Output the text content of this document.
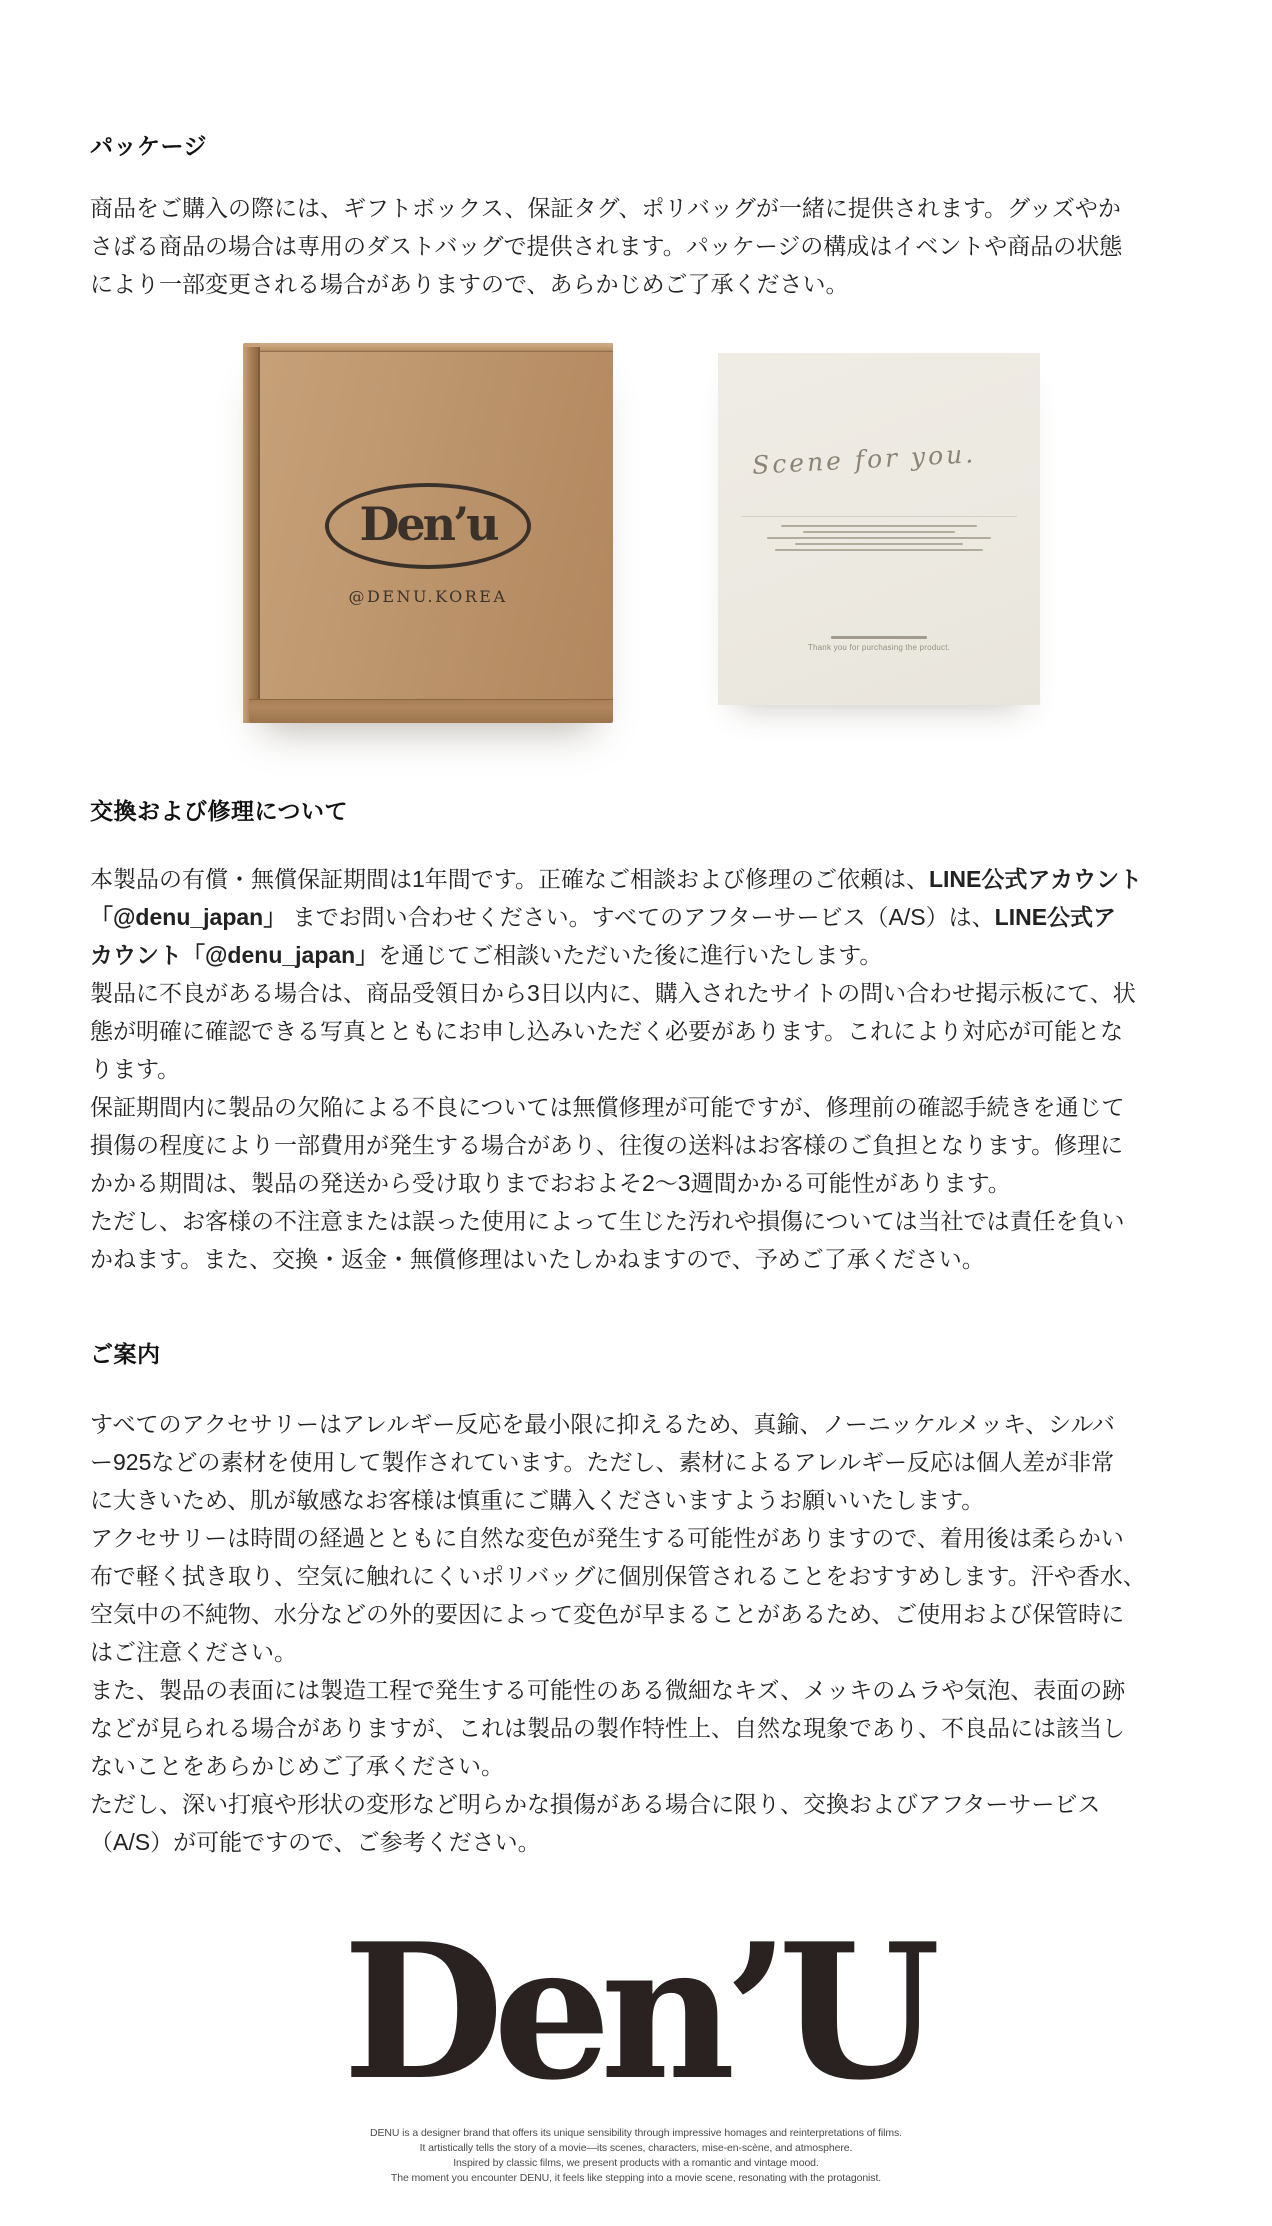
パッケージ
商品をご購入の際には、ギフトボックス、保証タグ、ポリバッグが一緒に提供されます。グッズやか
さばる商品の場合は専用のダストバッグで提供されます。パッケージの構成はイベントや商品の状態
により一部変更される場合がありますので、あらかじめご了承ください。
Den’u
@DENU.KOREA
Scene for you.
Thank you for purchasing the product.
交換および修理について
本製品の有償・無償保証期間は1年間です。正確なご相談および修理のご依頼は、LINE公式アカウント
「@denu_japan」 までお問い合わせください。すべてのアフターサービス（A/S）は、LINE公式ア
カウント「@denu_japan」を通じてご相談いただいた後に進行いたします。
製品に不良がある場合は、商品受領日から3日以内に、購入されたサイトの問い合わせ掲示板にて、状
態が明確に確認できる写真とともにお申し込みいただく必要があります。これにより対応が可能とな
ります。
保証期間内に製品の欠陥による不良については無償修理が可能ですが、修理前の確認手続きを通じて
損傷の程度により一部費用が発生する場合があり、往復の送料はお客様のご負担となります。修理に
かかる期間は、製品の発送から受け取りまでおおよそ2～3週間かかる可能性があります。
ただし、お客様の不注意または誤った使用によって生じた汚れや損傷については当社では責任を負い
かねます。また、交換・返金・無償修理はいたしかねますので、予めご了承ください。
ご案内
すべてのアクセサリーはアレルギー反応を最小限に抑えるため、真鍮、ノーニッケルメッキ、シルバ
ー925などの素材を使用して製作されています。ただし、素材によるアレルギー反応は個人差が非常
に大きいため、肌が敏感なお客様は慎重にご購入くださいますようお願いいたします。
アクセサリーは時間の経過とともに自然な変色が発生する可能性がありますので、着用後は柔らかい
布で軽く拭き取り、空気に触れにくいポリバッグに個別保管されることをおすすめします。汗や香水、
空気中の不純物、水分などの外的要因によって変色が早まることがあるため、ご使用および保管時に
はご注意ください。
また、製品の表面には製造工程で発生する可能性のある微細なキズ、メッキのムラや気泡、表面の跡
などが見られる場合がありますが、これは製品の製作特性上、自然な現象であり、不良品には該当し
ないことをあらかじめご了承ください。
ただし、深い打痕や形状の変形など明らかな損傷がある場合に限り、交換およびアフターサービス
（A/S）が可能ですので、ご参考ください。
Den’U
DENU is a designer brand that offers its unique sensibility through impressive homages and reinterpretations of films.
It artistically tells the story of a movie—its scenes, characters, mise-en-scène, and atmosphere.
Inspired by classic films, we present products with a romantic and vintage mood.
The moment you encounter DENU, it feels like stepping into a movie scene, resonating with the protagonist.
